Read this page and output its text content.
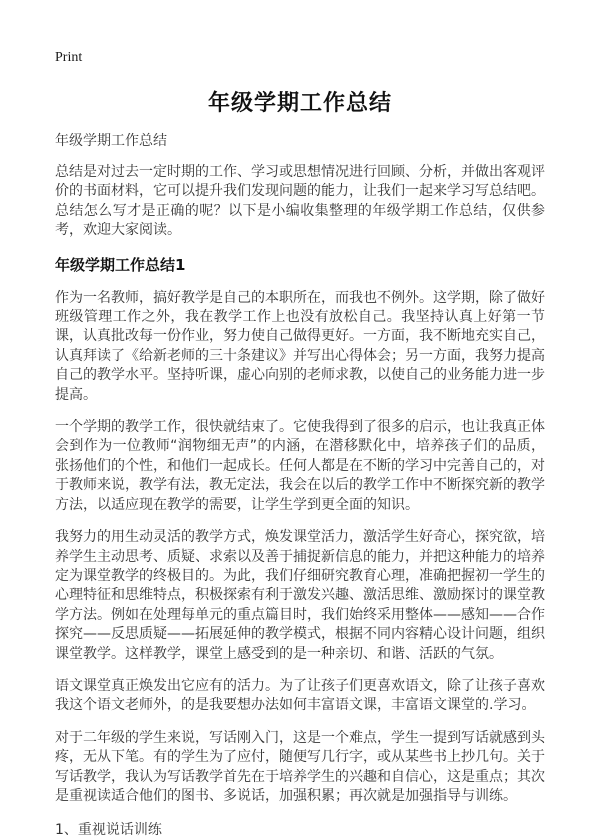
Print
年级学期工作总结

年级学期工作总结

总结是对过去一定时期的工作、学习或思想情况进行回顾、分析，并做出客观评价的书面材料，它可以提升我们发现问题的能力，让我们一起来学习写总结吧。总结怎么写才是正确的呢？以下是小编收集整理的年级学期工作总结，仅供参考，欢迎大家阅读。

年级学期工作总结1

作为一名教师，搞好教学是自己的本职所在，而我也不例外。这学期，除了做好班级管理工作之外，我在教学工作上也没有放松自己。我坚持认真上好第一节课，认真批改每一份作业，努力使自己做得更好。一方面，我不断地充实自己，认真拜读了《给新老师的三十条建议》并写出心得体会；另一方面，我努力提高自己的教学水平。坚持听课，虚心向别的老师求教，以使自己的业务能力进一步提高。

一个学期的教学工作，很快就结束了。它使我得到了很多的启示，也让我真正体会到作为一位教师“润物细无声”的内涵，在潜移默化中，培养孩子们的品质，张扬他们的个性，和他们一起成长。任何人都是在不断的学习中完善自己的，对于教师来说，教学有法，教无定法，我会在以后的教学工作中不断探究新的教学方法，以适应现在教学的需要，让学生学到更全面的知识。

我努力的用生动灵活的教学方式，焕发课堂活力，激活学生好奇心，探究欲，培养学生主动思考、质疑、求索以及善于捕捉新信息的能力，并把这种能力的培养定为课堂教学的终极目的。为此，我们仔细研究教育心理，准确把握初一学生的心理特征和思维特点，积极探索有利于激发兴趣、激活思维、激励探讨的课堂教学方法。例如在处理每单元的重点篇目时，我们始终采用整体——感知——合作探究——反思质疑——拓展延伸的教学模式，根据不同内容精心设计问题，组织课堂教学。这样教学，课堂上感受到的是一种亲切、和谐、活跃的气氛。

语文课堂真正焕发出它应有的活力。为了让孩子们更喜欢语文，除了让孩子喜欢我这个语文老师外，的是我要想办法如何丰富语文课，丰富语文课堂的.学习。

对于二年级的学生来说，写话刚入门，这是一个难点，学生一提到写话就感到头疼，无从下笔。有的学生为了应付，随便写几行字，或从某些书上抄几句。关于写话教学，我认为写话教学首先在于培养学生的兴趣和自信心，这是重点；其次是重视读适合他们的图书、多说话，加强积累；再次就是加强指导与训练。

1、重视说话训练
